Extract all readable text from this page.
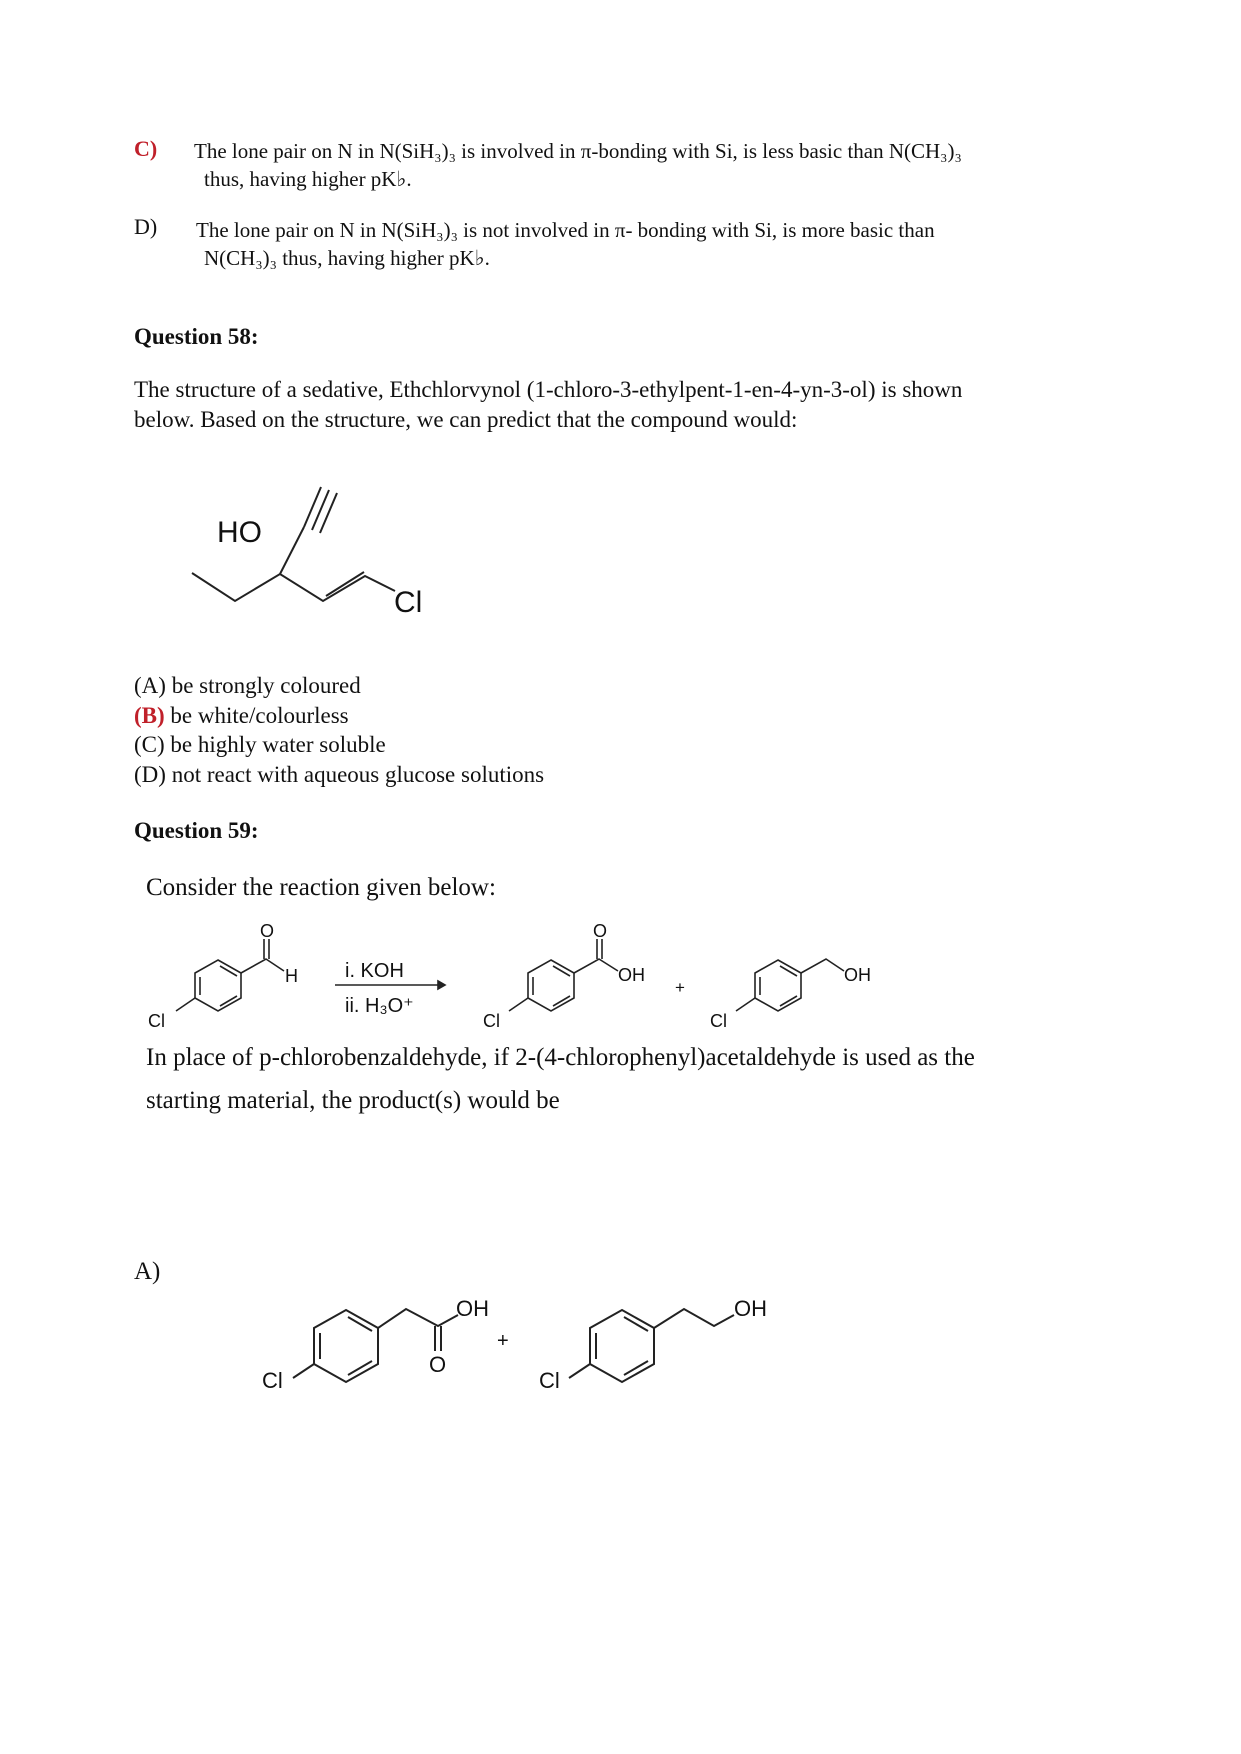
C) The lone pair on N in N(SiH₃)₃ is involved in π-bonding with Si, is less basic than N(CH₃)₃
thus, having higher pK♭.
D) The lone pair on N in N(SiH₃)₃ is not involved in π- bonding with Si, is more basic than
N(CH₃)₃ thus, having higher pK♭.
Question 58:
The structure of a sedative, Ethchlorvynol (1-chloro-3-ethylpent-1-en-4-yn-3-ol) is shown
below. Based on the structure, we can predict that the compound would:
HO
Cl
(A) be strongly coloured
(B) be white/colourless
(C) be highly water soluble
(D) not react with aqueous glucose solutions
Question 59:
Consider the reaction given below:
O
H
Cl
i. KOH
ii. H₃O⁺
O
OH
Cl
+
OH
Cl
In place of p-chlorobenzaldehyde, if 2-(4-chlorophenyl)acetaldehyde is used as the
starting material, the product(s) would be
A)
OH
O
Cl
+
OH
Cl
